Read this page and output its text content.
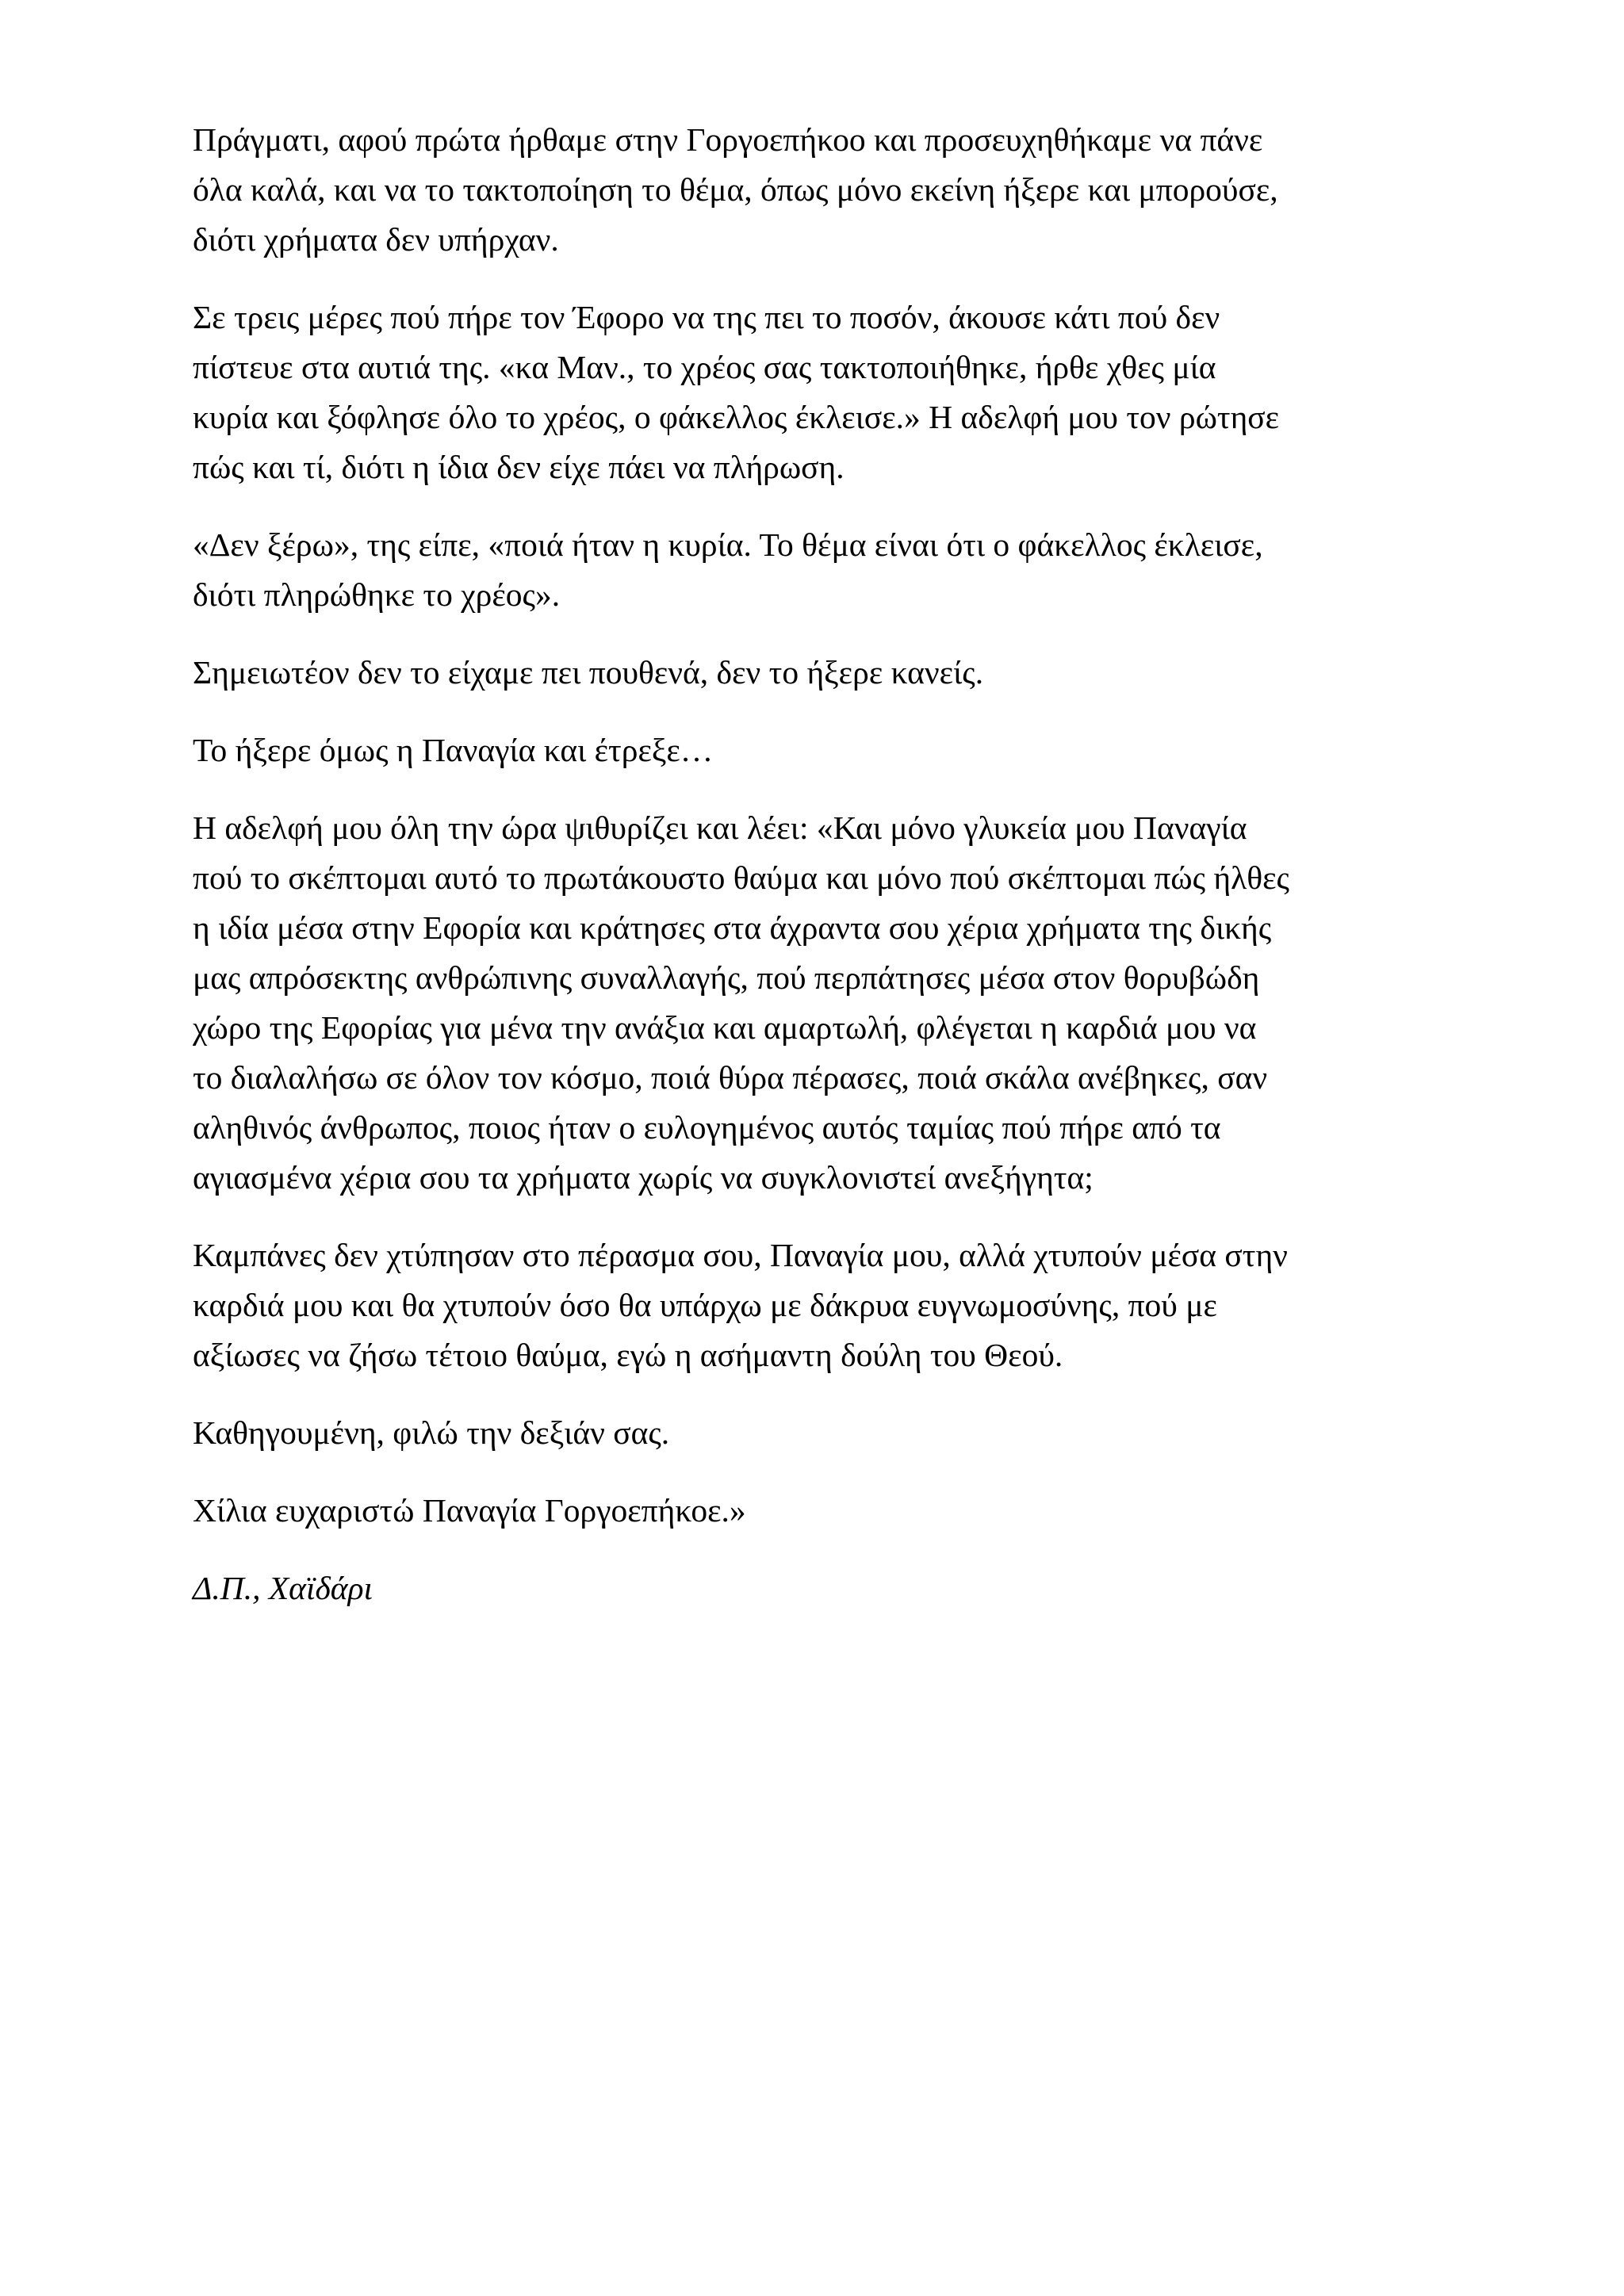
Πράγματι, αφού πρώτα ήρθαμε στην Γοργοεπήκοο και προσευχηθήκαμε να πάνε
όλα καλά, και να το τακτοποίηση το θέμα, όπως μόνο εκείνη ήξερε και μπορούσε,
διότι χρήματα δεν υπήρχαν.

Σε τρεις μέρες πού πήρε τον Έφορο να της πει το ποσόν, άκουσε κάτι πού δεν
πίστευε στα αυτιά της. «κα Μαν., το χρέος σας τακτοποιήθηκε, ήρθε χθες μία
κυρία και ξόφλησε όλο το χρέος, ο φάκελλος έκλεισε.» Η αδελφή μου τον ρώτησε
πώς και τί, διότι η ίδια δεν είχε πάει να πλήρωση.

«Δεν ξέρω», της είπε, «ποιά ήταν η κυρία. Το θέμα είναι ότι ο φάκελλος έκλεισε,
διότι πληρώθηκε το χρέος».

Σημειωτέον δεν το είχαμε πει πουθενά, δεν το ήξερε κανείς.

Το ήξερε όμως η Παναγία και έτρεξε…

Η αδελφή μου όλη την ώρα ψιθυρίζει και λέει: «Και μόνο γλυκεία μου Παναγία
πού το σκέπτομαι αυτό το πρωτάκουστο θαύμα και μόνο πού σκέπτομαι πώς ήλθες
η ιδία μέσα στην Εφορία και κράτησες στα άχραντα σου χέρια χρήματα της δικής
μας απρόσεκτης ανθρώπινης συναλλαγής, πού περπάτησες μέσα στον θορυβώδη
χώρο της Εφορίας για μένα την ανάξια και αμαρτωλή, φλέγεται η καρδιά μου να
το διαλαλήσω σε όλον τον κόσμο, ποιά θύρα πέρασες, ποιά σκάλα ανέβηκες, σαν
αληθινός άνθρωπος, ποιος ήταν ο ευλογημένος αυτός ταμίας πού πήρε από τα
αγιασμένα χέρια σου τα χρήματα χωρίς να συγκλονιστεί ανεξήγητα;

Καμπάνες δεν χτύπησαν στο πέρασμα σου, Παναγία μου, αλλά χτυπούν μέσα στην
καρδιά μου και θα χτυπούν όσο θα υπάρχω με δάκρυα ευγνωμοσύνης, πού με
αξίωσες να ζήσω τέτοιο θαύμα, εγώ η ασήμαντη δούλη του Θεού.

Καθηγουμένη, φιλώ την δεξιάν σας.

Χίλια ευχαριστώ Παναγία Γοργοεπήκοε.»

Δ.Π., Χαϊδάρι
